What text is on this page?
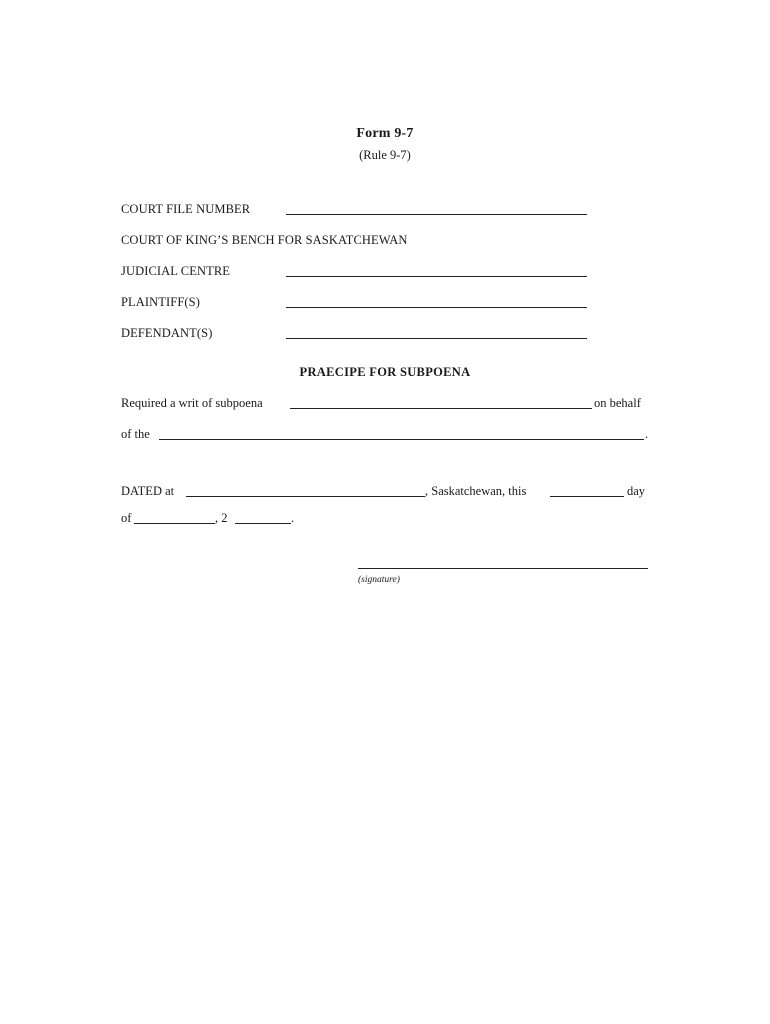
Form 9-7
(Rule 9-7)
COURT FILE NUMBER
COURT OF KING’S BENCH FOR SASKATCHEWAN
JUDICIAL CENTRE
PLAINTIFF(S)
DEFENDANT(S)
PRAECIPE FOR SUBPOENA
Required a writ of subpoena	on behalf
of the	.
DATED at	, Saskatchewan, this	day
of	, 2	.
(signature)
